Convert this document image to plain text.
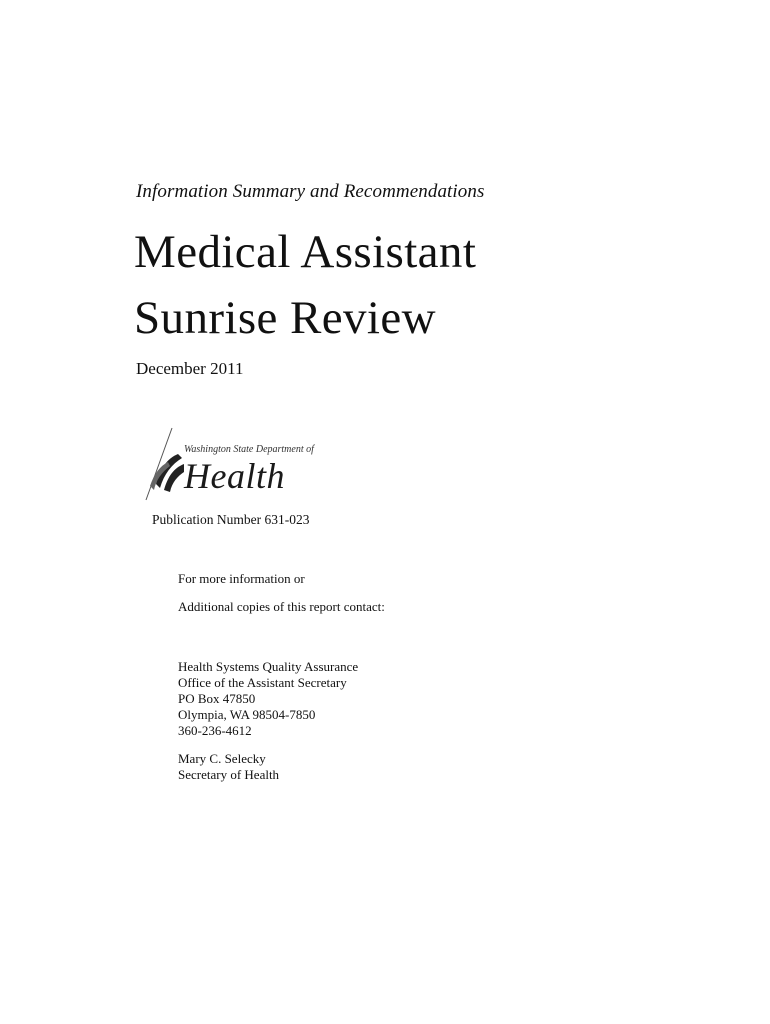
Information Summary and Recommendations
Medical Assistant
Sunrise Review
December 2011
Washington State Department of
Health
Publication Number 631-023
For more information or
Additional copies of this report contact:
Health Systems Quality Assurance
Office of the Assistant Secretary
PO Box 47850
Olympia, WA 98504-7850
360-236-4612
Mary C. Selecky
Secretary of Health
